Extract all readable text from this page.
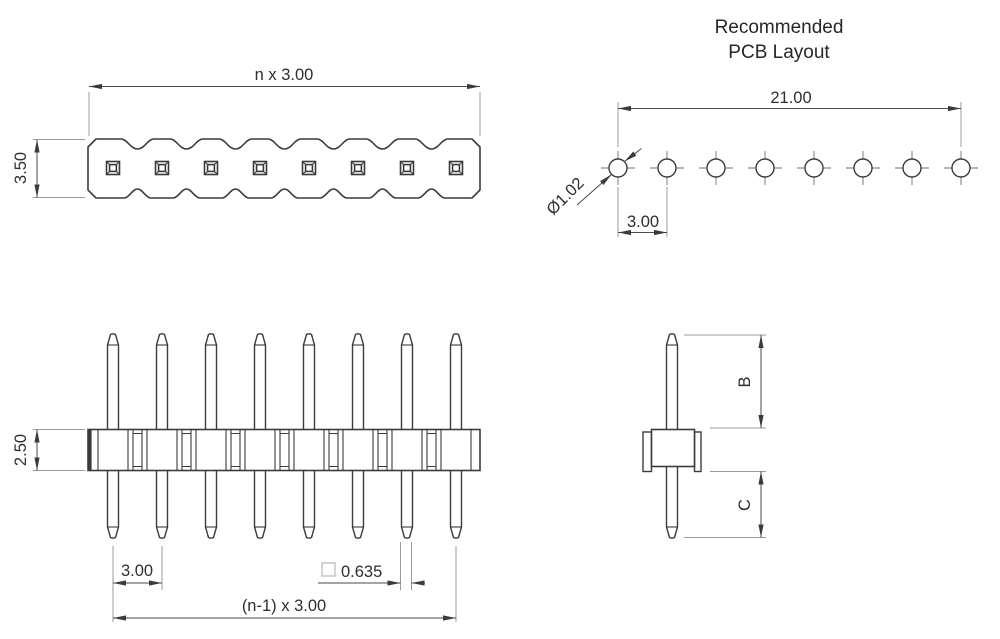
n x 3.00
3.50
Recommended
PCB Layout
21.00
Ø1.02
3.00
2.50
3.00	0.635
(n-1) x 3.00
B
C
